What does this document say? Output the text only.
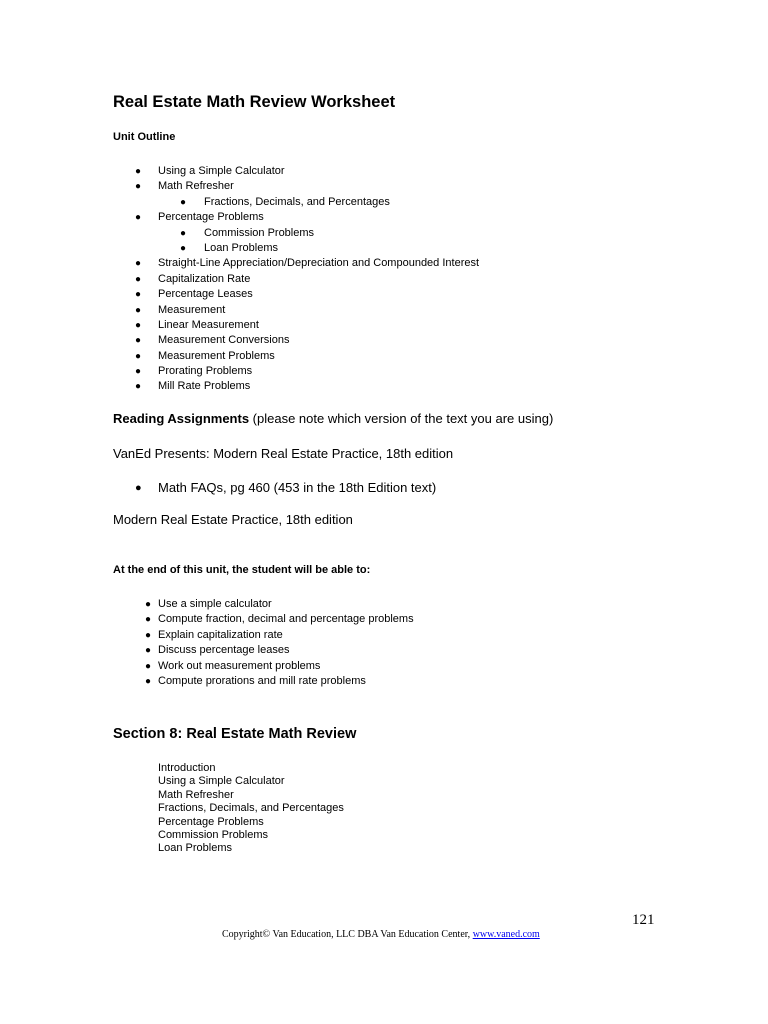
Real Estate Math Review Worksheet
Unit Outline
● Using a Simple Calculator
● Math Refresher
● Fractions, Decimals, and Percentages
● Percentage Problems
● Commission Problems
● Loan Problems
● Straight-Line Appreciation/Depreciation and Compounded Interest
● Capitalization Rate
● Percentage Leases
● Measurement
● Linear Measurement
● Measurement Conversions
● Measurement Problems
● Prorating Problems
● Mill Rate Problems
Reading Assignments (please note which version of the text you are using)
VanEd Presents: Modern Real Estate Practice, 18th edition
● Math FAQs, pg 460 (453 in the 18th Edition text)
Modern Real Estate Practice, 18th edition
At the end of this unit, the student will be able to:
● Use a simple calculator
● Compute fraction, decimal and percentage problems
● Explain capitalization rate
● Discuss percentage leases
● Work out measurement problems
● Compute prorations and mill rate problems
Section 8: Real Estate Math Review
Introduction
Using a Simple Calculator
Math Refresher
Fractions, Decimals, and Percentages
Percentage Problems
Commission Problems
Loan Problems
121
Copyright© Van Education, LLC DBA Van Education Center, www.vaned.com
